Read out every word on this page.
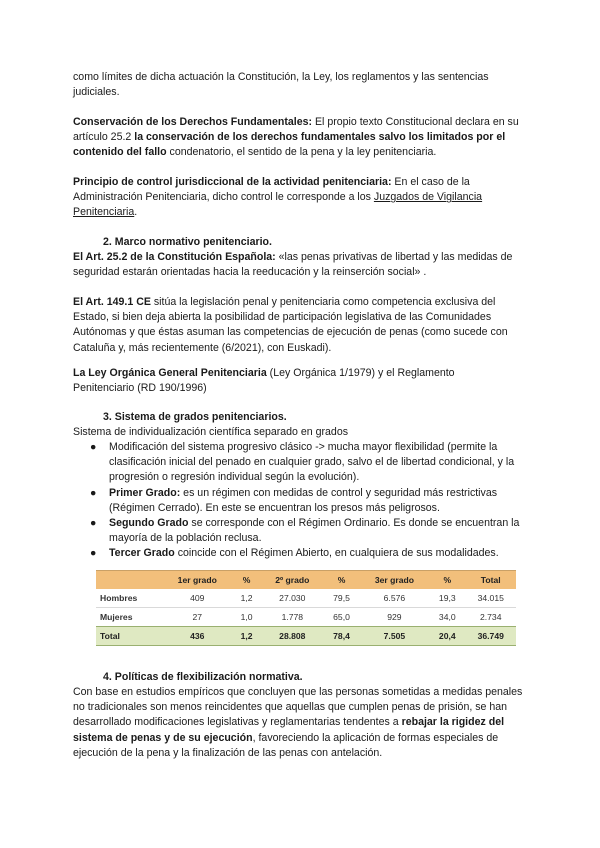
como límites de dicha actuación la Constitución, la Ley, los reglamentos y las sentencias
judiciales.

Conservación de los Derechos Fundamentales: El propio texto Constitucional declara en su artículo 25.2 la conservación de los derechos fundamentales salvo los limitados por el contenido del fallo condenatorio, el sentido de la pena y la ley penitenciaria.

Principio de control jurisdiccional de la actividad penitenciaria: En el caso de la Administración Penitenciaria, dicho control le corresponde a los Juzgados de Vigilancia Penitenciaria.

2. Marco normativo penitenciario.

El Art. 25.2 de la Constitución Española: «las penas privativas de libertad y las medidas de seguridad estarán orientadas hacia la reeducación y la reinserción social» .

El Art. 149.1 CE sitúa la legislación penal y penitenciaria como competencia exclusiva del Estado, si bien deja abierta la posibilidad de participación legislativa de las Comunidades Autónomas y que éstas asuman las competencias de ejecución de penas (como sucede con Cataluña y, más recientemente (6/2021), con Euskadi).

La Ley Orgánica General Penitenciaria (Ley Orgánica 1/1979) y el Reglamento Penitenciario (RD 190/1996)

3. Sistema de grados penitenciarios.

Sistema de individualización científica separado en grados

● Modificación del sistema progresivo clásico -> mucha mayor flexibilidad (permite la clasificación inicial del penado en cualquier grado, salvo el de libertad condicional, y la progresión o regresión individual según la evolución).
● Primer Grado: es un régimen con medidas de control y seguridad más restrictivas (Régimen Cerrado). En este se encuentran los presos más peligrosos.
● Segundo Grado se corresponde con el Régimen Ordinario. Es donde se encuentran la mayoría de la población reclusa.
● Tercer Grado coincide con el Régimen Abierto, en cualquiera de sus modalidades.
	1er grado	%	2º grado	%	3er grado	%	Total
Hombres	409	1,2	27.030	79,5	6.576	19,3	34.015
Mujeres	27	1,0	1.778	65,0	929	34,0	2.734
Total	436	1,2	28.808	78,4	7.505	20,4	36.749
4. Políticas de flexibilización normativa.

Con base en estudios empíricos que concluyen que las personas sometidas a medidas penales no tradicionales son menos reincidentes que aquellas que cumplen penas de prisión, se han desarrollado modificaciones legislativas y reglamentarias tendentes a rebajar la rigidez del sistema de penas y de su ejecución, favoreciendo la aplicación de formas especiales de ejecución de la pena y la finalización de las penas con antelación.
